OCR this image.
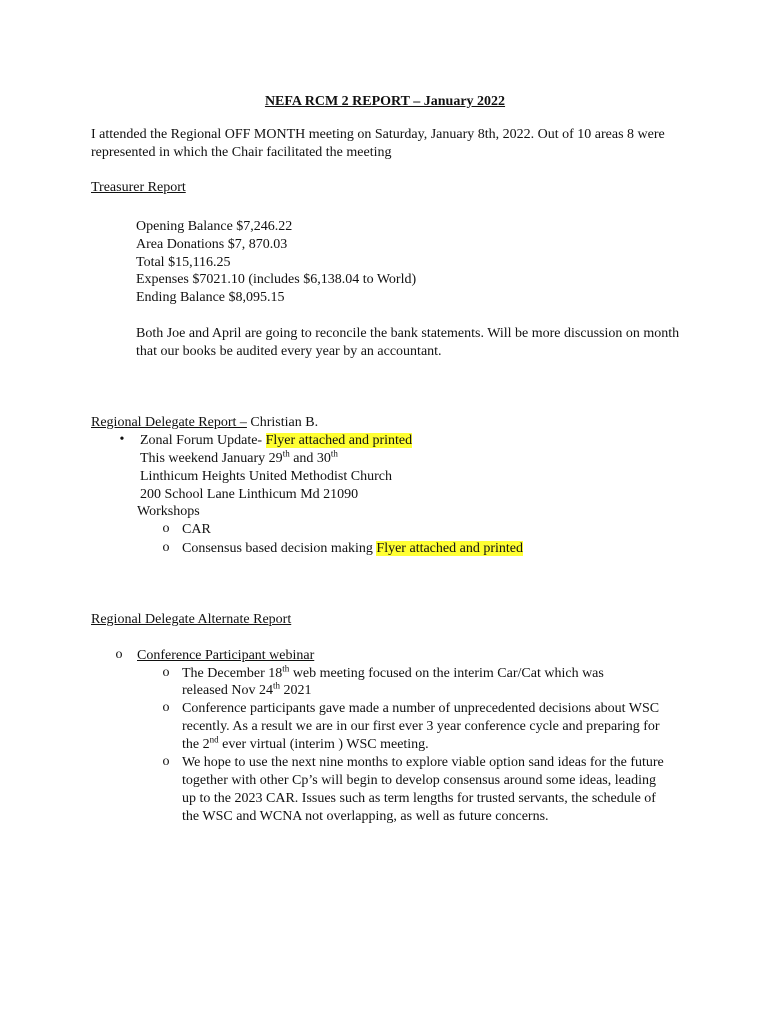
NEFA RCM 2 REPORT – January 2022
I attended the Regional OFF MONTH meeting on Saturday, January 8th, 2022. Out of 10 areas 8 were represented in which the Chair facilitated the meeting
Treasurer Report
Opening Balance $7,246.22
Area Donations $7, 870.03
Total $15,116.25
Expenses $7021.10 (includes $6,138.04 to World)
Ending Balance $8,095.15
Both Joe and April are going to reconcile the bank statements. Will be more discussion on month that our books be audited every year by an accountant.
Regional Delegate Report – Christian B.
•	Zonal Forum Update- Flyer attached and printed
This weekend January 29th and 30th
Linthicum Heights United Methodist Church
200 School Lane Linthicum Md 21090
Workshops
o CAR
o Consensus based decision making Flyer attached and printed
Regional Delegate Alternate Report
o Conference Participant webinar
o The December 18th web meeting focused on the interim Car/Cat which was
released Nov 24th 2021
o Conference participants gave made a number of unprecedented decisions about WSC recently. As a result we are in our first ever 3 year conference cycle and preparing for the 2nd ever virtual (interim ) WSC meeting.
o We hope to use the next nine months to explore viable option sand ideas for the future together with other Cp’s will begin to develop consensus around some ideas, leading up to the 2023 CAR. Issues such as term lengths for trusted servants, the schedule of the WSC and WCNA not overlapping, as well as future concerns.
